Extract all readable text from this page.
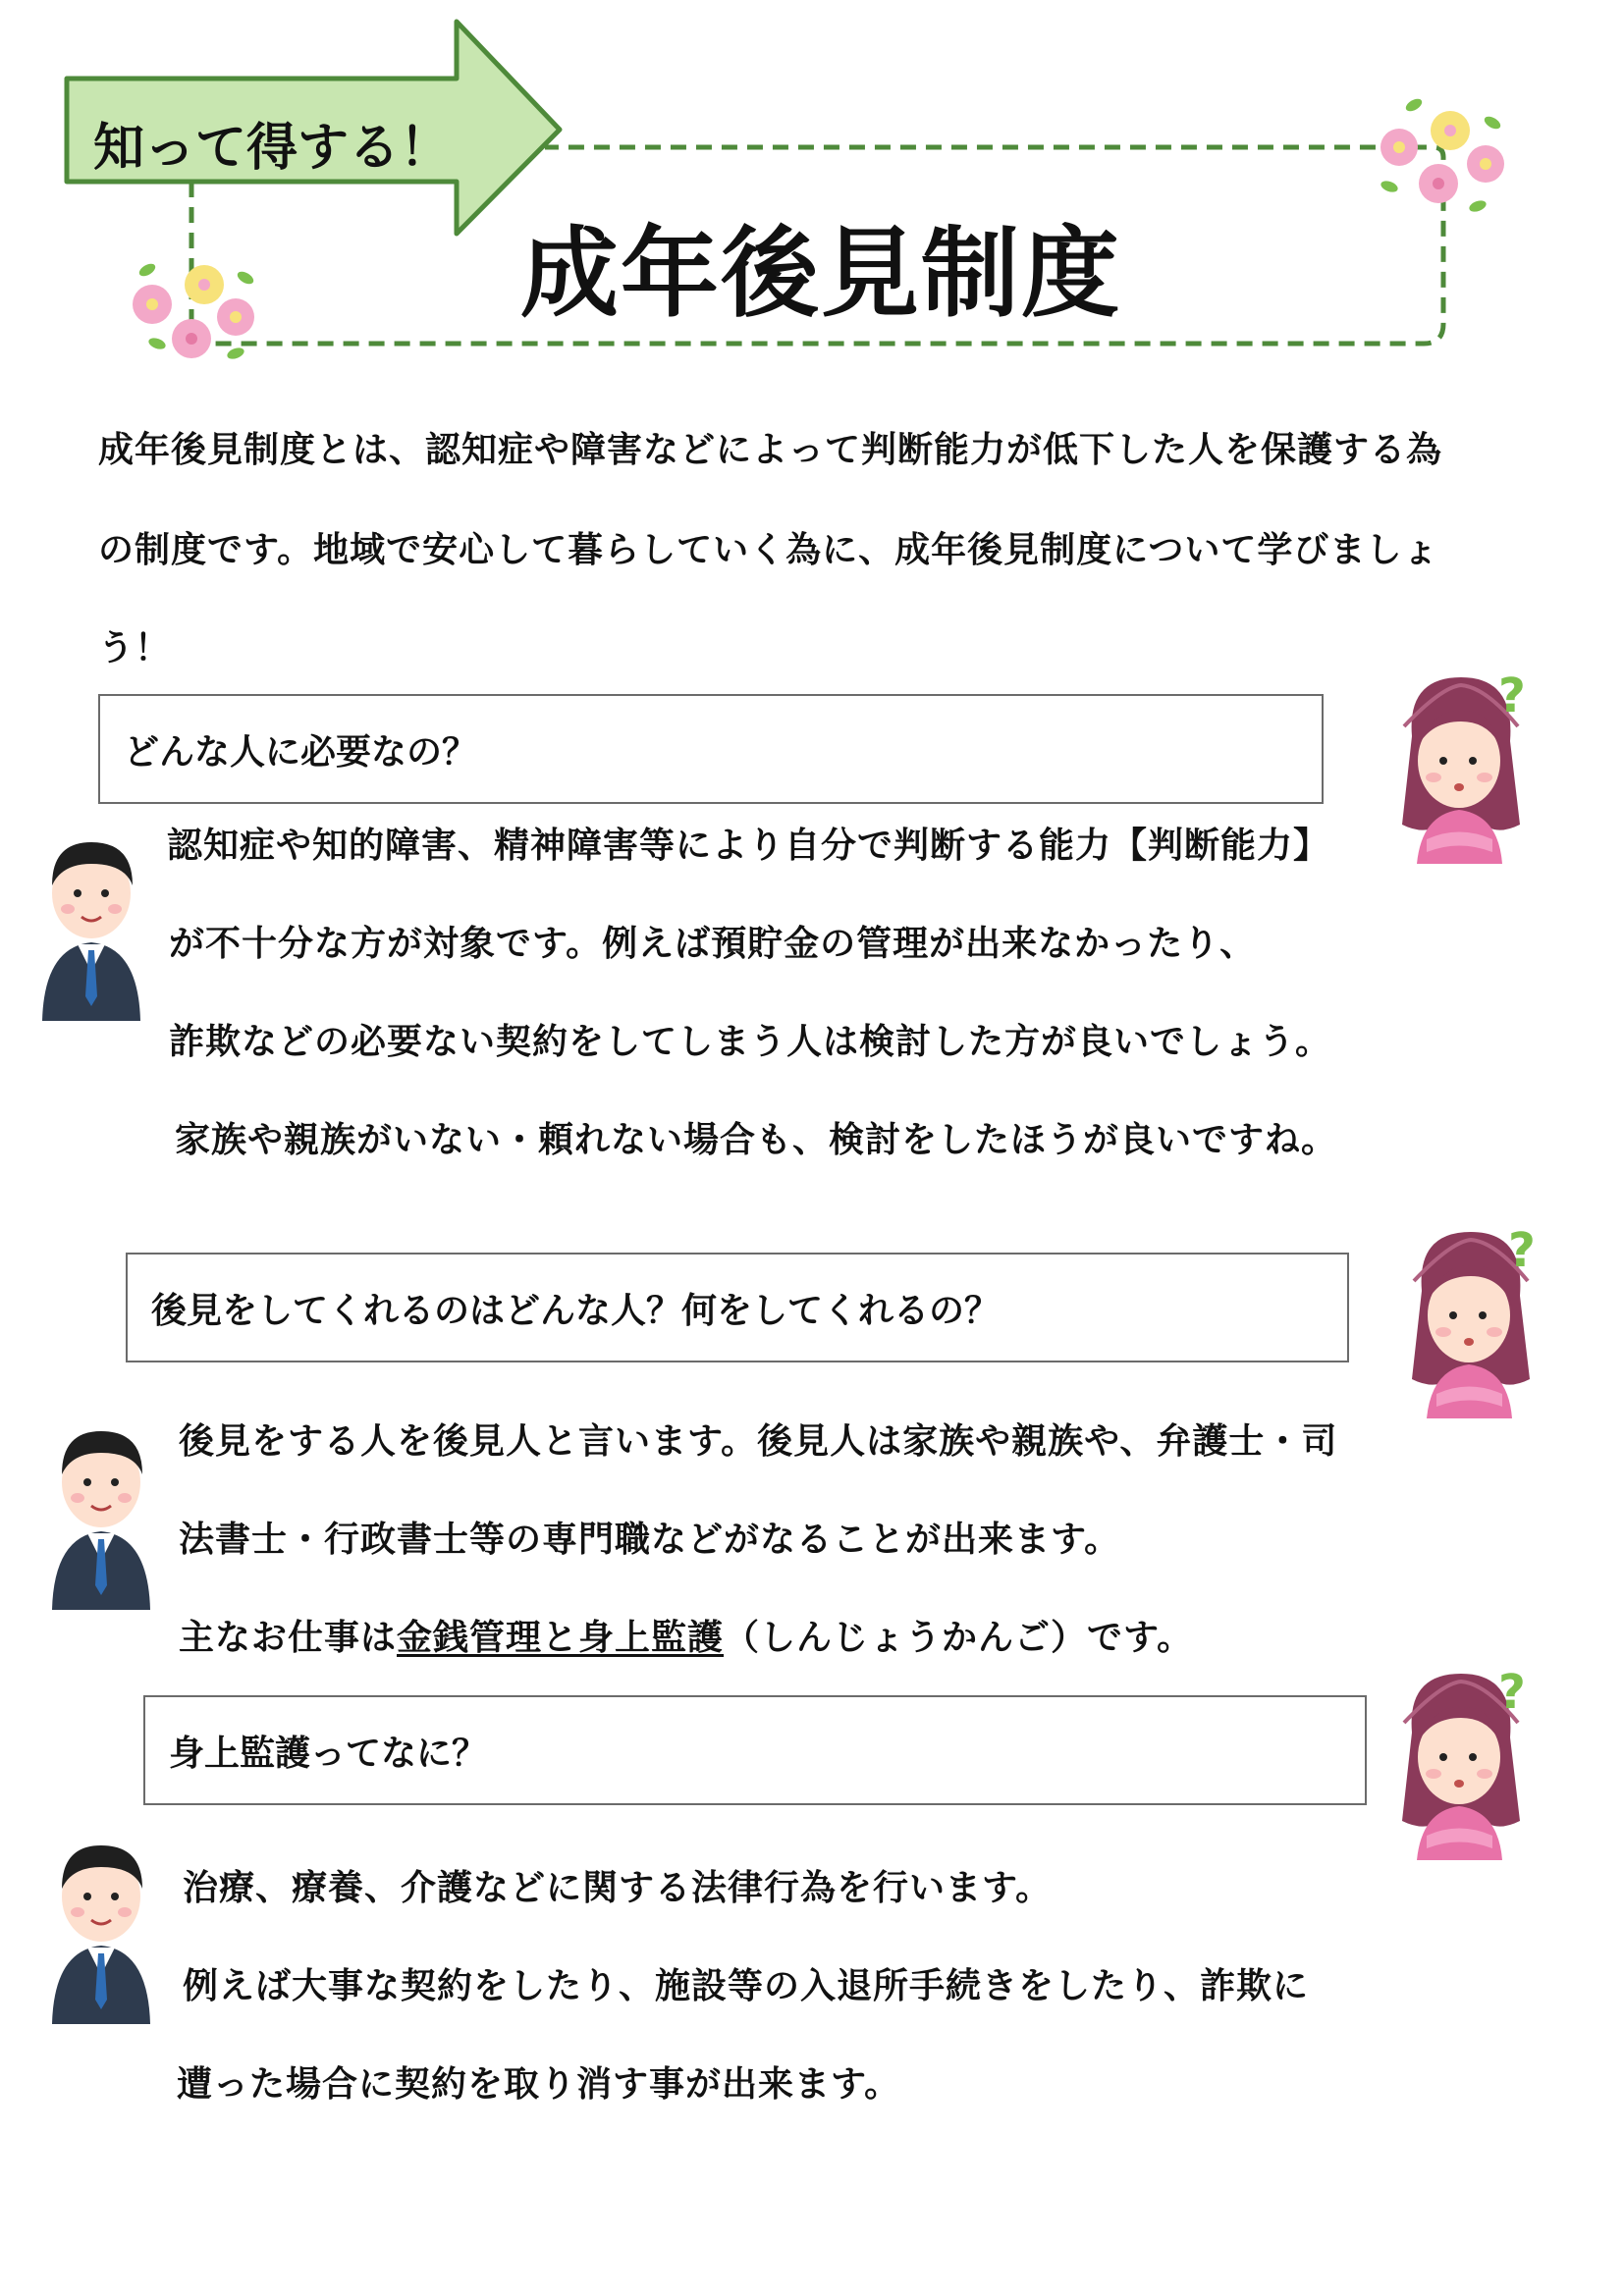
知って得する！
成年後見制度
成年後見制度とは、認知症や障害などによって判断能力が低下した人を保護する為
の制度です。地域で安心して暮らしていく為に、成年後見制度について学びましょ
う！
どんな人に必要なの？
?
認知症や知的障害、精神障害等により自分で判断する能力【判断能力】
が不十分な方が対象です。例えば預貯金の管理が出来なかったり、
詐欺などの必要ない契約をしてしまう人は検討した方が良いでしょう。
家族や親族がいない・頼れない場合も、検討をしたほうが良いですね。
後見をしてくれるのはどんな人？何をしてくれるの？
?
後見をする人を後見人と言います。後見人は家族や親族や、弁護士・司
法書士・行政書士等の専門職などがなることが出来ます。
主なお仕事は金銭管理と身上監護（しんじょうかんご）です。
身上監護ってなに？
?
治療、療養、介護などに関する法律行為を行います。
例えば大事な契約をしたり、施設等の入退所手続きをしたり、詐欺に
遭った場合に契約を取り消す事が出来ます。
